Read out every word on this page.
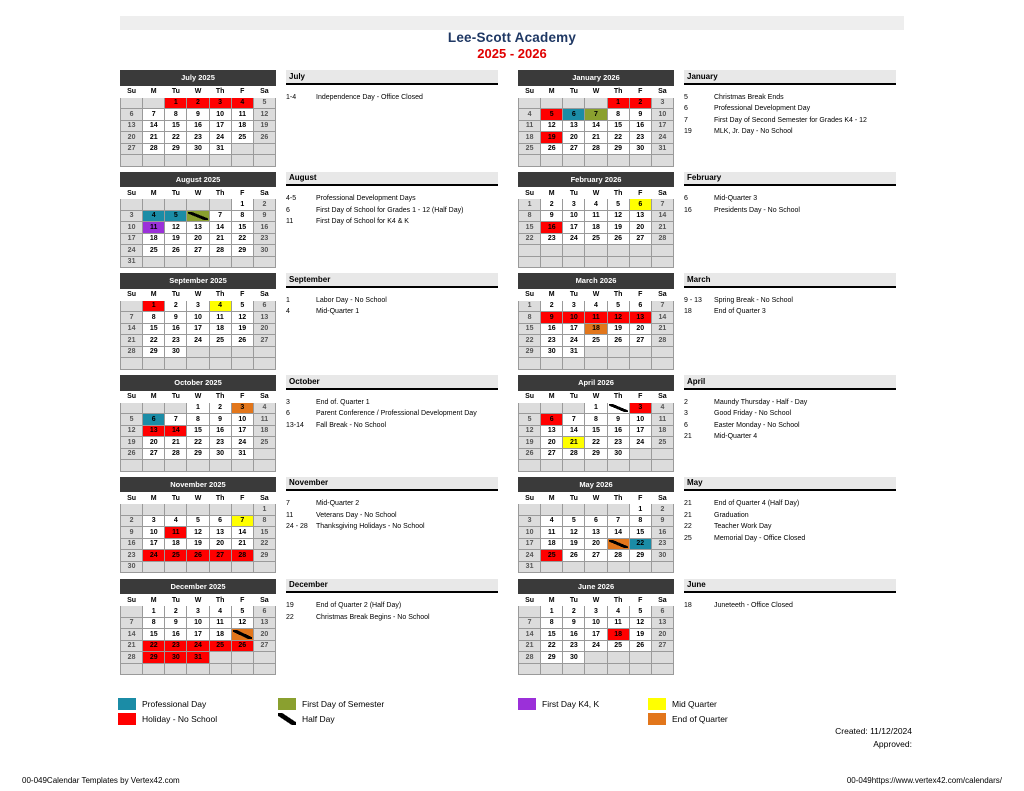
Lee-Scott Academy
2025 - 2026
July 2025
Su	M	Tu	W	Th	F	Sa
		1	2	3	4	5
6	7	8	9	10	11	12
13	14	15	16	17	18	19
20	21	22	23	24	25	26
27	28	29	30	31		

July
1-4	Independence Day - Office Closed
August 2025
Su	M	Tu	W	Th	F	Sa
					1	2
3	4	5		7	8	9
10	11	12	13	14	15	16
17	18	19	20	21	22	23
24	25	26	27	28	29	30
31						
August
4-5	Professional Development Days
6	First Day of School for Grades 1 - 12 (Half Day)
11	First Day of School for K4 & K
September 2025
Su	M	Tu	W	Th	F	Sa
	1	2	3	4	5	6
7	8	9	10	11	12	13
14	15	16	17	18	19	20
21	22	23	24	25	26	27
28	29	30				

September
1	Labor Day - No School
4	Mid-Quarter 1
October 2025
Su	M	Tu	W	Th	F	Sa
			1	2	3	4
5	6	7	8	9	10	11
12	13	14	15	16	17	18
19	20	21	22	23	24	25
26	27	28	29	30	31	

October
3	End of. Quarter 1
6	Parent Conference / Professional Development Day
13-14	Fall Break - No School
November 2025
Su	M	Tu	W	Th	F	Sa
						1
2	3	4	5	6	7	8
9	10	11	12	13	14	15
16	17	18	19	20	21	22
23	24	25	26	27	28	29
30						
November
7	Mid-Quarter 2
11	Veterans Day - No School
24 - 28	Thanksgiving Holidays - No School
December 2025
Su	M	Tu	W	Th	F	Sa
	1	2	3	4	5	6
7	8	9	10	11	12	13
14	15	16	17	18		20
21	22	23	24	25	26	27
28	29	30	31			

December
19	End of Quarter 2 (Half Day)
22	Christmas Break Begins - No School
January 2026
Su	M	Tu	W	Th	F	Sa
				1	2	3
4	5	6	7	8	9	10
11	12	13	14	15	16	17
18	19	20	21	22	23	24
25	26	27	28	29	30	31

January
5	Christmas Break Ends
6	Professional Development Day
7	First Day of Second Semester for Grades K4 - 12
19	MLK, Jr. Day - No School
February 2026
Su	M	Tu	W	Th	F	Sa
1	2	3	4	5	6	7
8	9	10	11	12	13	14
15	16	17	18	19	20	21
22	23	24	25	26	27	28

February
6	Mid-Quarter 3
16	Presidents Day - No School
March 2026
Su	M	Tu	W	Th	F	Sa
1	2	3	4	5	6	7
8	9	10	11	12	13	14
15	16	17	18	19	20	21
22	23	24	25	26	27	28
29	30	31				

March
9 - 13	Spring Break - No School
18	End of Quarter 3
April 2026
Su	M	Tu	W	Th	F	Sa
			1		3	4
5	6	7	8	9	10	11
12	13	14	15	16	17	18
19	20	21	22	23	24	25
26	27	28	29	30		

April
2	Maundy Thursday - Half - Day
3	Good Friday - No School
6	Easter Monday - No School
21	Mid-Quarter 4
May 2026
Su	M	Tu	W	Th	F	Sa
					1	2
3	4	5	6	7	8	9
10	11	12	13	14	15	16
17	18	19	20		22	23
24	25	26	27	28	29	30
31						
May
21	End of Quarter 4 (Half Day)
21	Graduation
22	Teacher Work Day
25	Memorial Day - Office Closed
June 2026
Su	M	Tu	W	Th	F	Sa
	1	2	3	4	5	6
7	8	9	10	11	12	13
14	15	16	17	18	19	20
21	22	23	24	25	26	27
28	29	30				

June
18	Juneteeth - Office Closed
Professional Day
Holiday - No School
First Day of Semester
Half Day
First Day K4, K	Mid Quarter
End of Quarter
Created: 11/12/2024
Approved:
00-049Calendar Templates by Vertex42.com	00-049https://www.vertex42.com/calendars/
